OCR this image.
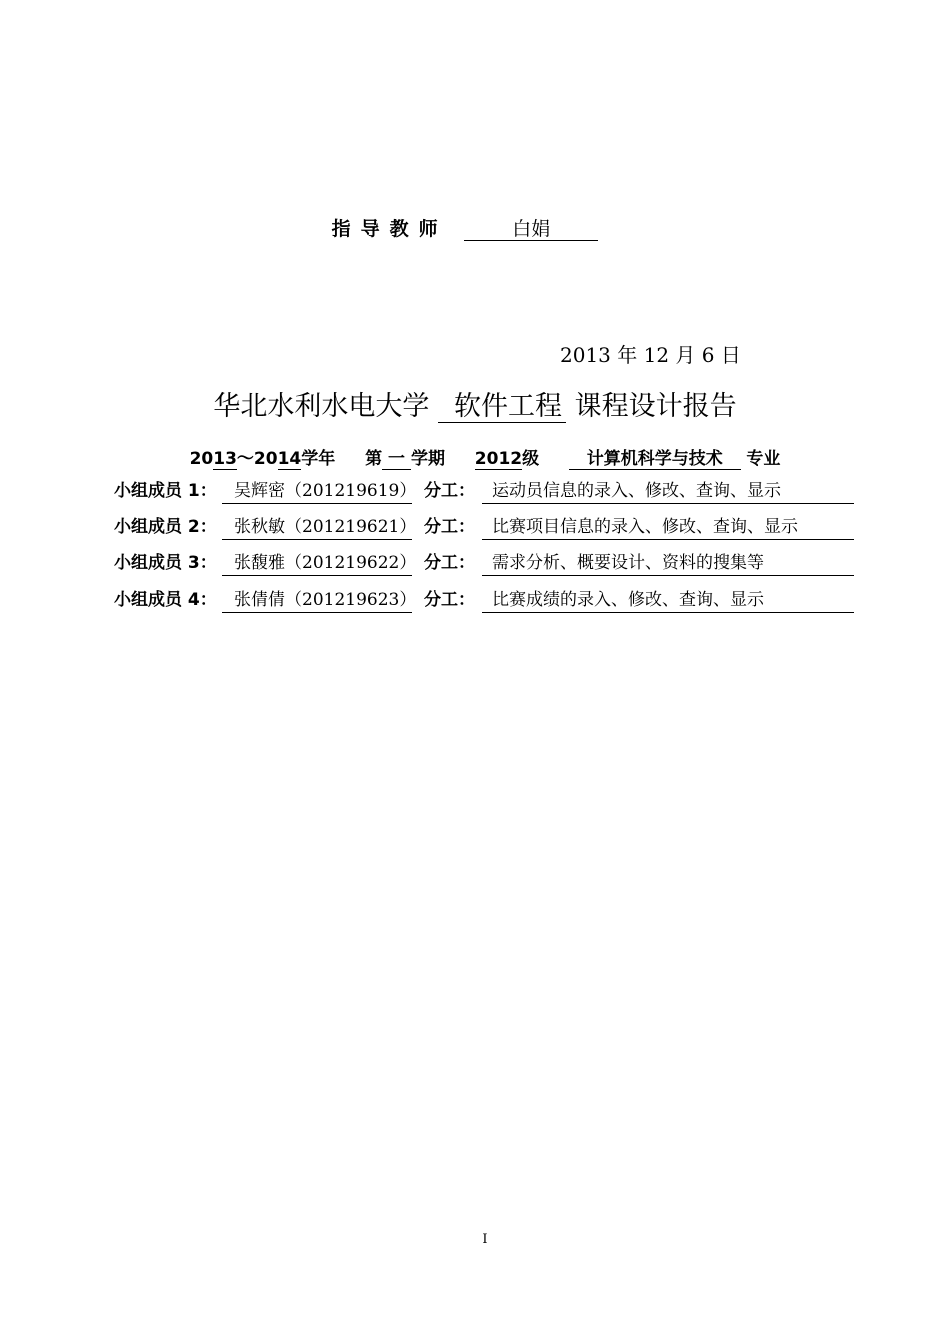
指导教师	白娟
2013 年 12 月 6 日
华北水利水电大学 软件工程 课程设计报告
2013～2014学年 第 一 学期 2012级	计算机科学与技术 专业
小组成员 1：	吴辉密（201219619） 分工：	运动员信息的录入、修改、查询、显示
小组成员 2：	张秋敏（201219621） 分工：	比赛项目信息的录入、修改、查询、显示
小组成员 3：	张馥雅（201219622） 分工：	需求分析、概要设计、资料的搜集等
小组成员 4：	张倩倩（201219623） 分工：	比赛成绩的录入、修改、查询、显示
I
